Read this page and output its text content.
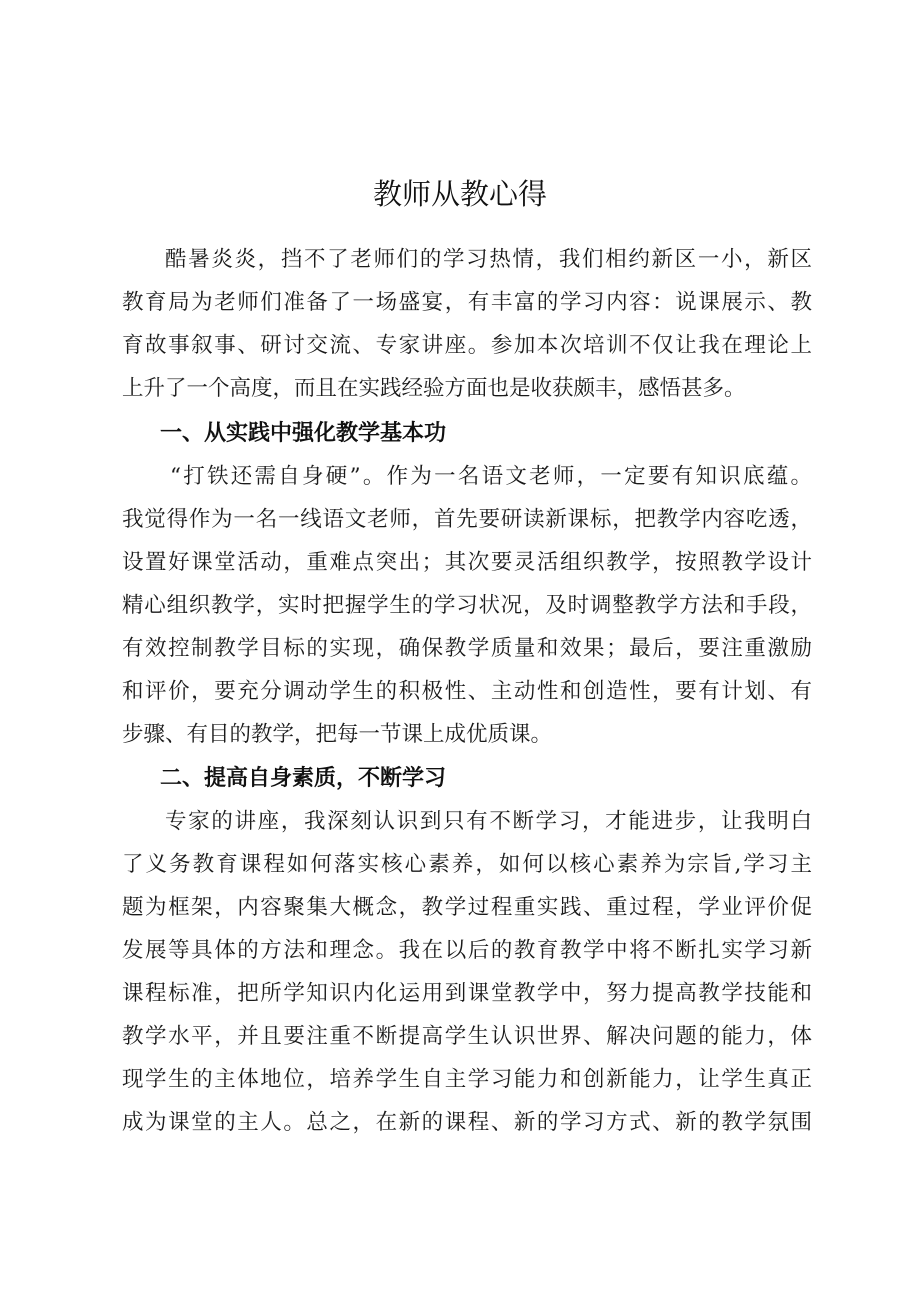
教师从教心得
酷暑炎炎，挡不了老师们的学习热情，我们相约新区一小，新区
教育局为老师们准备了一场盛宴，有丰富的学习内容：说课展示、教
育故事叙事、研讨交流、专家讲座。参加本次培训不仅让我在理论上
上升了一个高度，而且在实践经验方面也是收获颇丰，感悟甚多。
一、从实践中强化教学基本功
“打铁还需自身硬”。作为一名语文老师，一定要有知识底蕴。
我觉得作为一名一线语文老师，首先要研读新课标，把教学内容吃透，
设置好课堂活动，重难点突出；其次要灵活组织教学，按照教学设计
精心组织教学，实时把握学生的学习状况，及时调整教学方法和手段，
有效控制教学目标的实现，确保教学质量和效果；最后，要注重激励
和评价，要充分调动学生的积极性、主动性和创造性，要有计划、有
步骤、有目的教学，把每一节课上成优质课。
二、提高自身素质，不断学习
专家的讲座，我深刻认识到只有不断学习，才能进步，让我明白
了义务教育课程如何落实核心素养，如何以核心素养为宗旨,学习主
题为框架，内容聚集大概念，教学过程重实践、重过程，学业评价促
发展等具体的方法和理念。我在以后的教育教学中将不断扎实学习新
课程标准，把所学知识内化运用到课堂教学中，努力提高教学技能和
教学水平，并且要注重不断提高学生认识世界、解决问题的能力，体
现学生的主体地位，培养学生自主学习能力和创新能力，让学生真正
成为课堂的主人。总之，在新的课程、新的学习方式、新的教学氛围
